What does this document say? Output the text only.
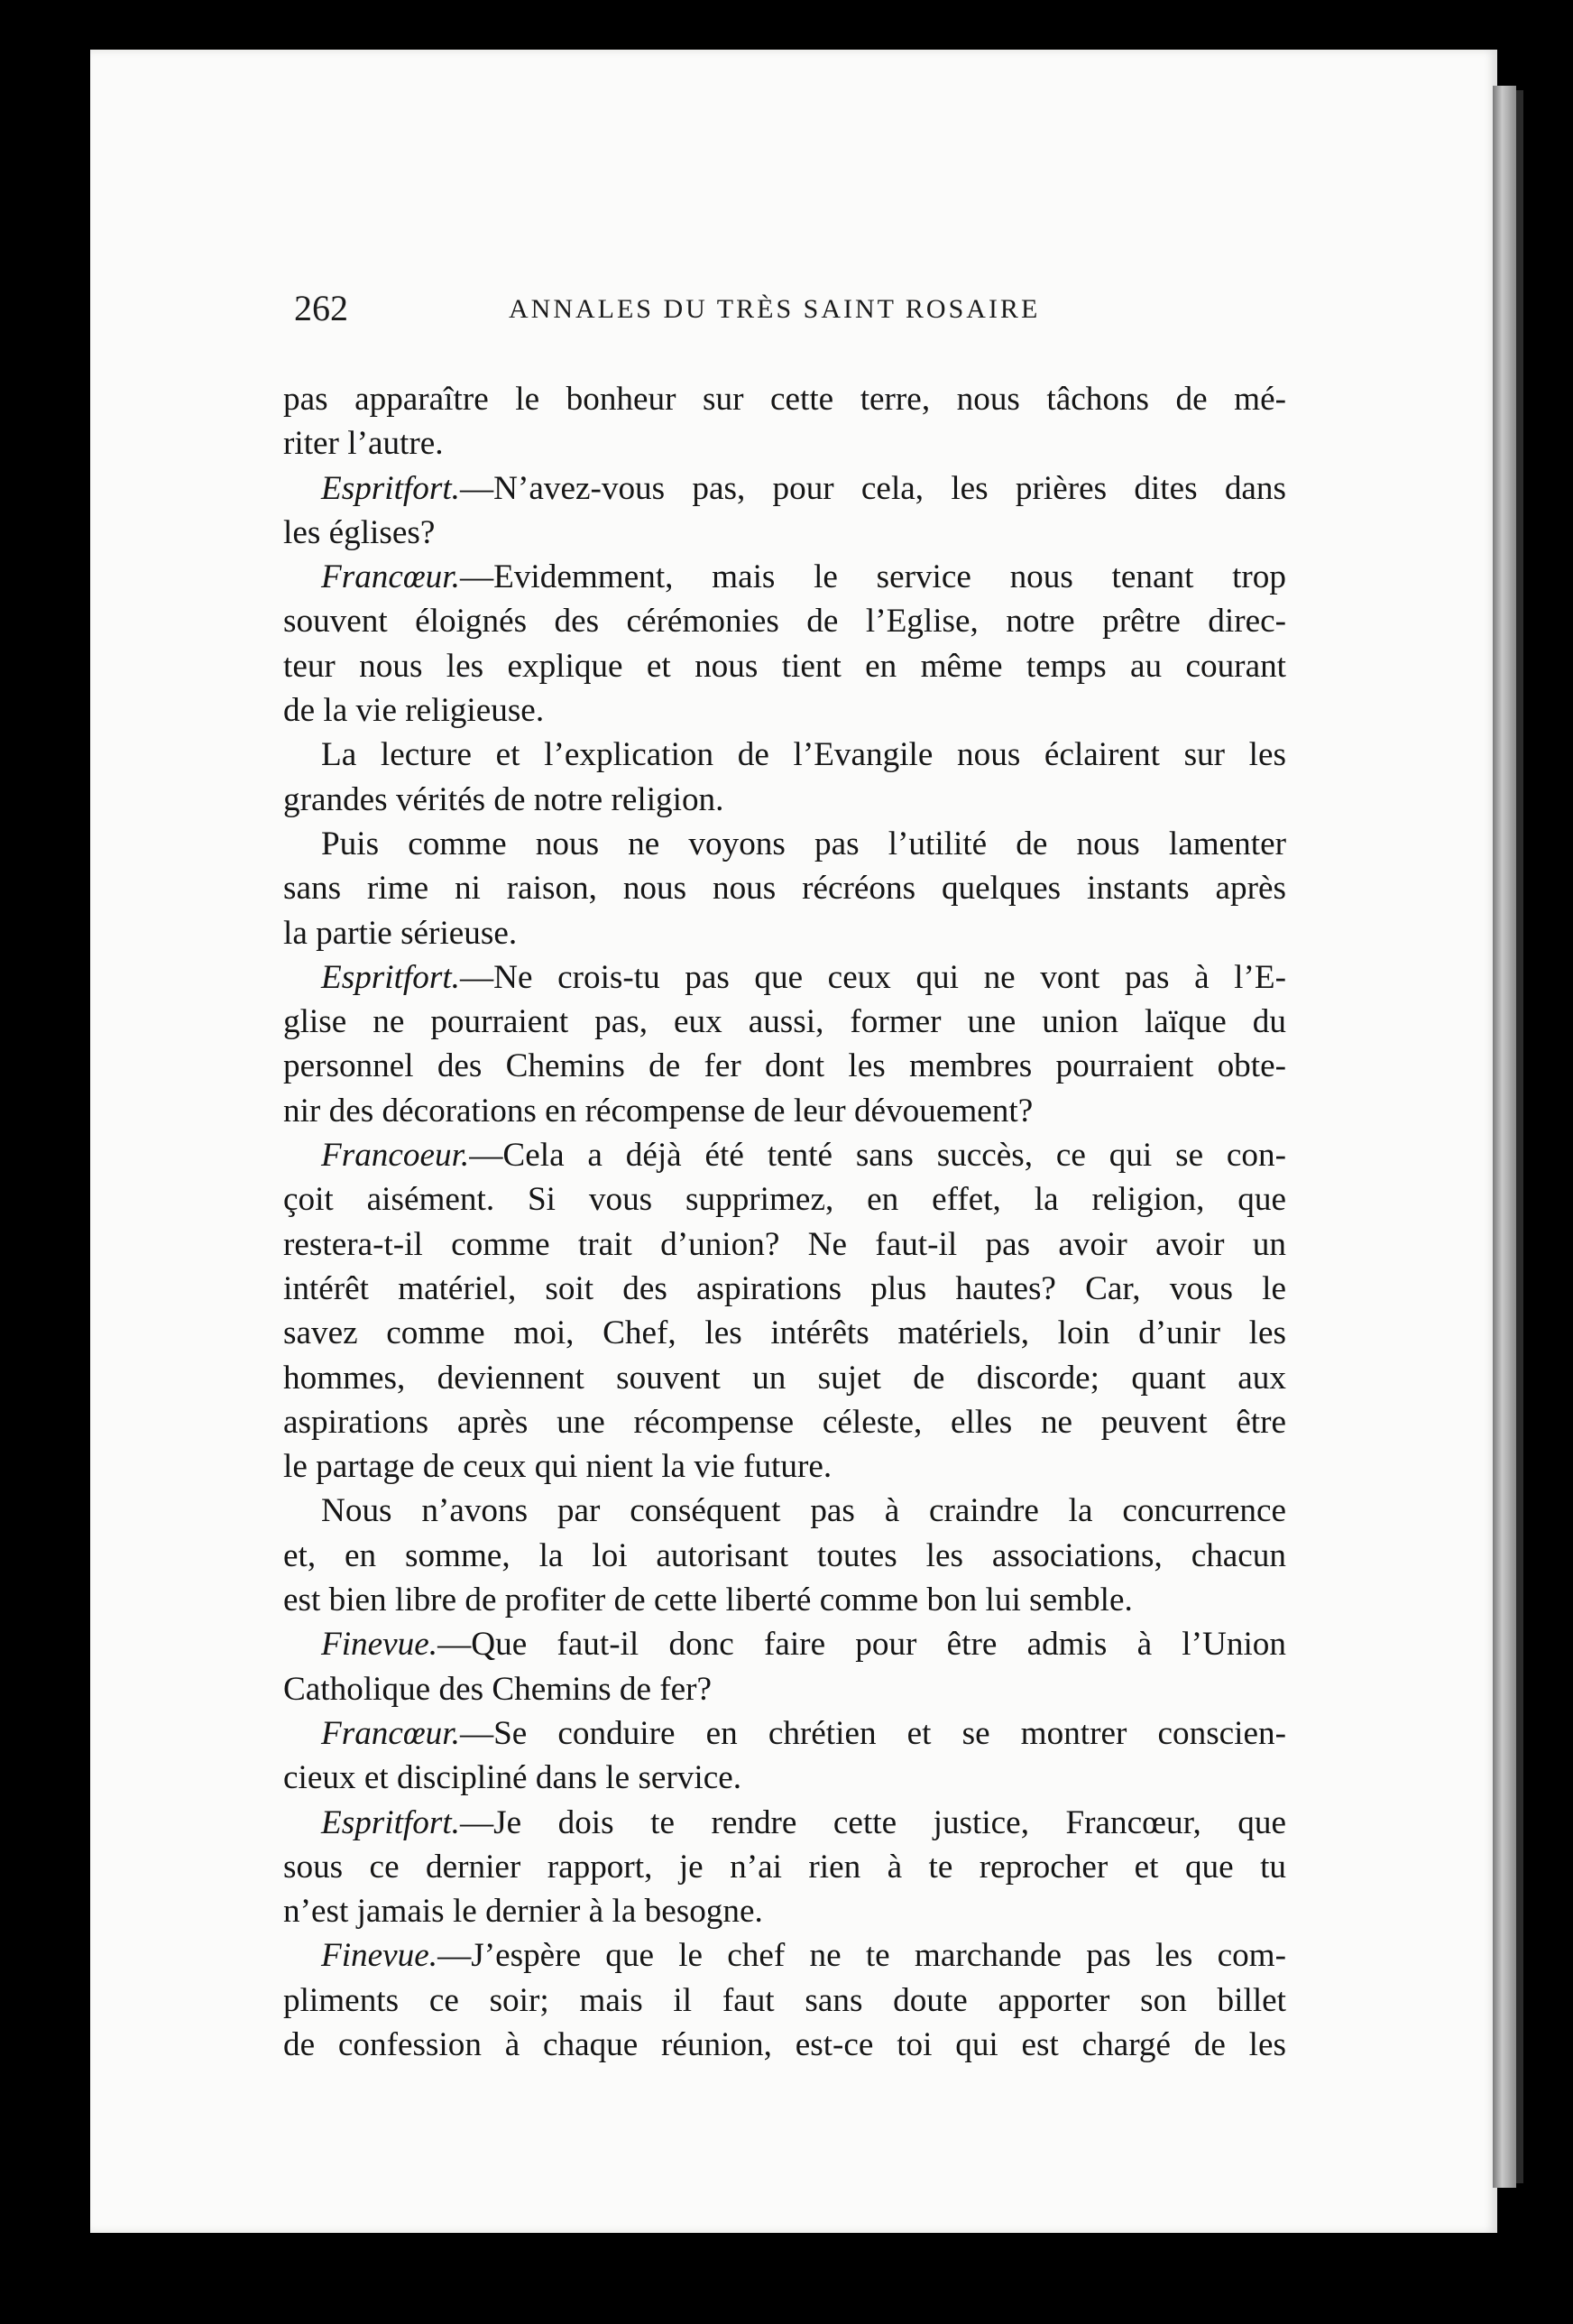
262	ANNALES DU TRÈS SAINT ROSAIRE
pas apparaître le bonheur sur cette terre, nous tâchons de mé-
riter l’autre.
Espritfort.—N’avez-vous pas, pour cela, les prières dites dans
les églises?
Francœur.—Evidemment, mais le service nous tenant trop
souvent éloignés des cérémonies de l’Eglise, notre prêtre direc-
teur nous les explique et nous tient en même temps au courant
de la vie religieuse.
La lecture et l’explication de l’Evangile nous éclairent sur les
grandes vérités de notre religion.
Puis comme nous ne voyons pas l’utilité de nous lamenter
sans rime ni raison, nous nous récréons quelques instants après
la partie sérieuse.
Espritfort.—Ne crois-tu pas que ceux qui ne vont pas à l’E-
glise ne pourraient pas, eux aussi, former une union laïque du
personnel des Chemins de fer dont les membres pourraient obte-
nir des décorations en récompense de leur dévouement?
Francoeur.—Cela a déjà été tenté sans succès, ce qui se con-
çoit aisément. Si vous supprimez, en effet, la religion, que
restera-t-il comme trait d’union? Ne faut-il pas avoir avoir un
intérêt matériel, soit des aspirations plus hautes? Car, vous le
savez comme moi, Chef, les intérêts matériels, loin d’unir les
hommes, deviennent souvent un sujet de discorde; quant aux
aspirations après une récompense céleste, elles ne peuvent être
le partage de ceux qui nient la vie future.
Nous n’avons par conséquent pas à craindre la concurrence
et, en somme, la loi autorisant toutes les associations, chacun
est bien libre de profiter de cette liberté comme bon lui semble.
Finevue.—Que faut-il donc faire pour être admis à l’Union
Catholique des Chemins de fer?
Francœur.—Se conduire en chrétien et se montrer conscien-
cieux et discipliné dans le service.
Espritfort.—Je dois te rendre cette justice, Francœur, que
sous ce dernier rapport, je n’ai rien à te reprocher et que tu
n’est jamais le dernier à la besogne.
Finevue.—J’espère que le chef ne te marchande pas les com-
pliments ce soir; mais il faut sans doute apporter son billet
de confession à chaque réunion, est-ce toi qui est chargé de les
